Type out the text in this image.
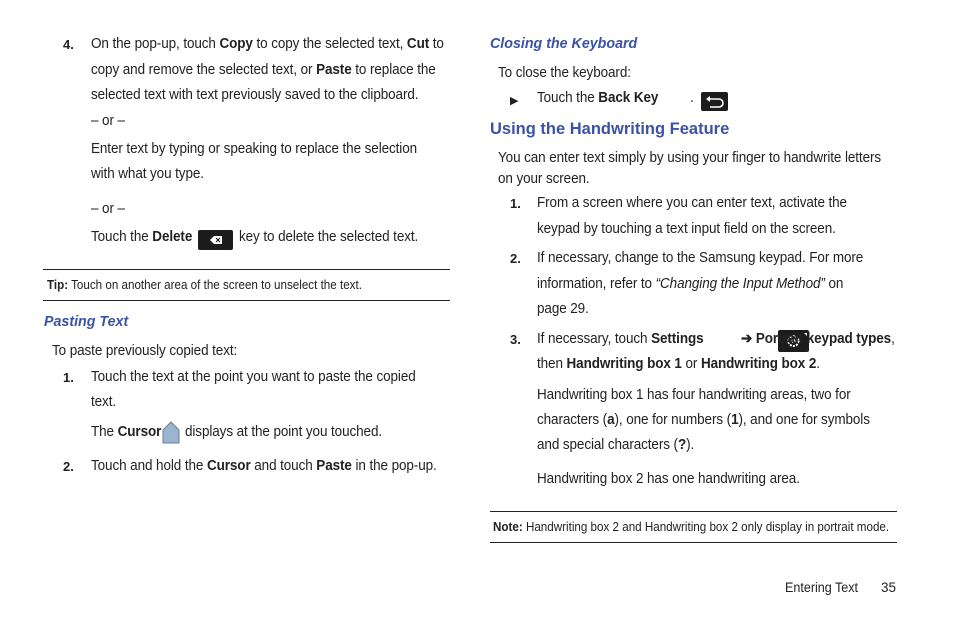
4. On the pop-up, touch Copy to copy the selected text, Cut to
copy and remove the selected text, or Paste to replace the
selected text with text previously saved to the clipboard.
– or –
Enter text by typing or speaking to replace the selection
with what you type.
– or –
Touch the Delete
	key to delete the selected text.
Tip: Touch on another area of the screen to unselect the text.
Pasting Text
To paste previously copied text:
1. Touch the text at the point you want to paste the copied
text.
The Cursor displays at the point you touched.
2. Touch and hold the Cursor and touch Paste in the pop-up.
Closing the Keyboard
To close the keyboard:
▶ Touch the Back Key
.
Using the Handwriting Feature
You can enter text simply by using your finger to handwrite letters
on your screen.
1. From a screen where you can enter text, activate the
keypad by touching a text input field on the screen.
2. If necessary, change to the Samsung keypad. For more
information, refer to “Changing the Input Method” on
page 29.
3. If necessary, touch Settings	➔ Portrait keypad types,
then Handwriting box 1 or Handwriting box 2.
Handwriting box 1 has four handwriting areas, two for
characters (a), one for numbers (1), and one for symbols
and special characters (?).
Handwriting box 2 has one handwriting area.
Note: Handwriting box 2 and Handwriting box 2 only display in portrait mode.
Entering Text 35
